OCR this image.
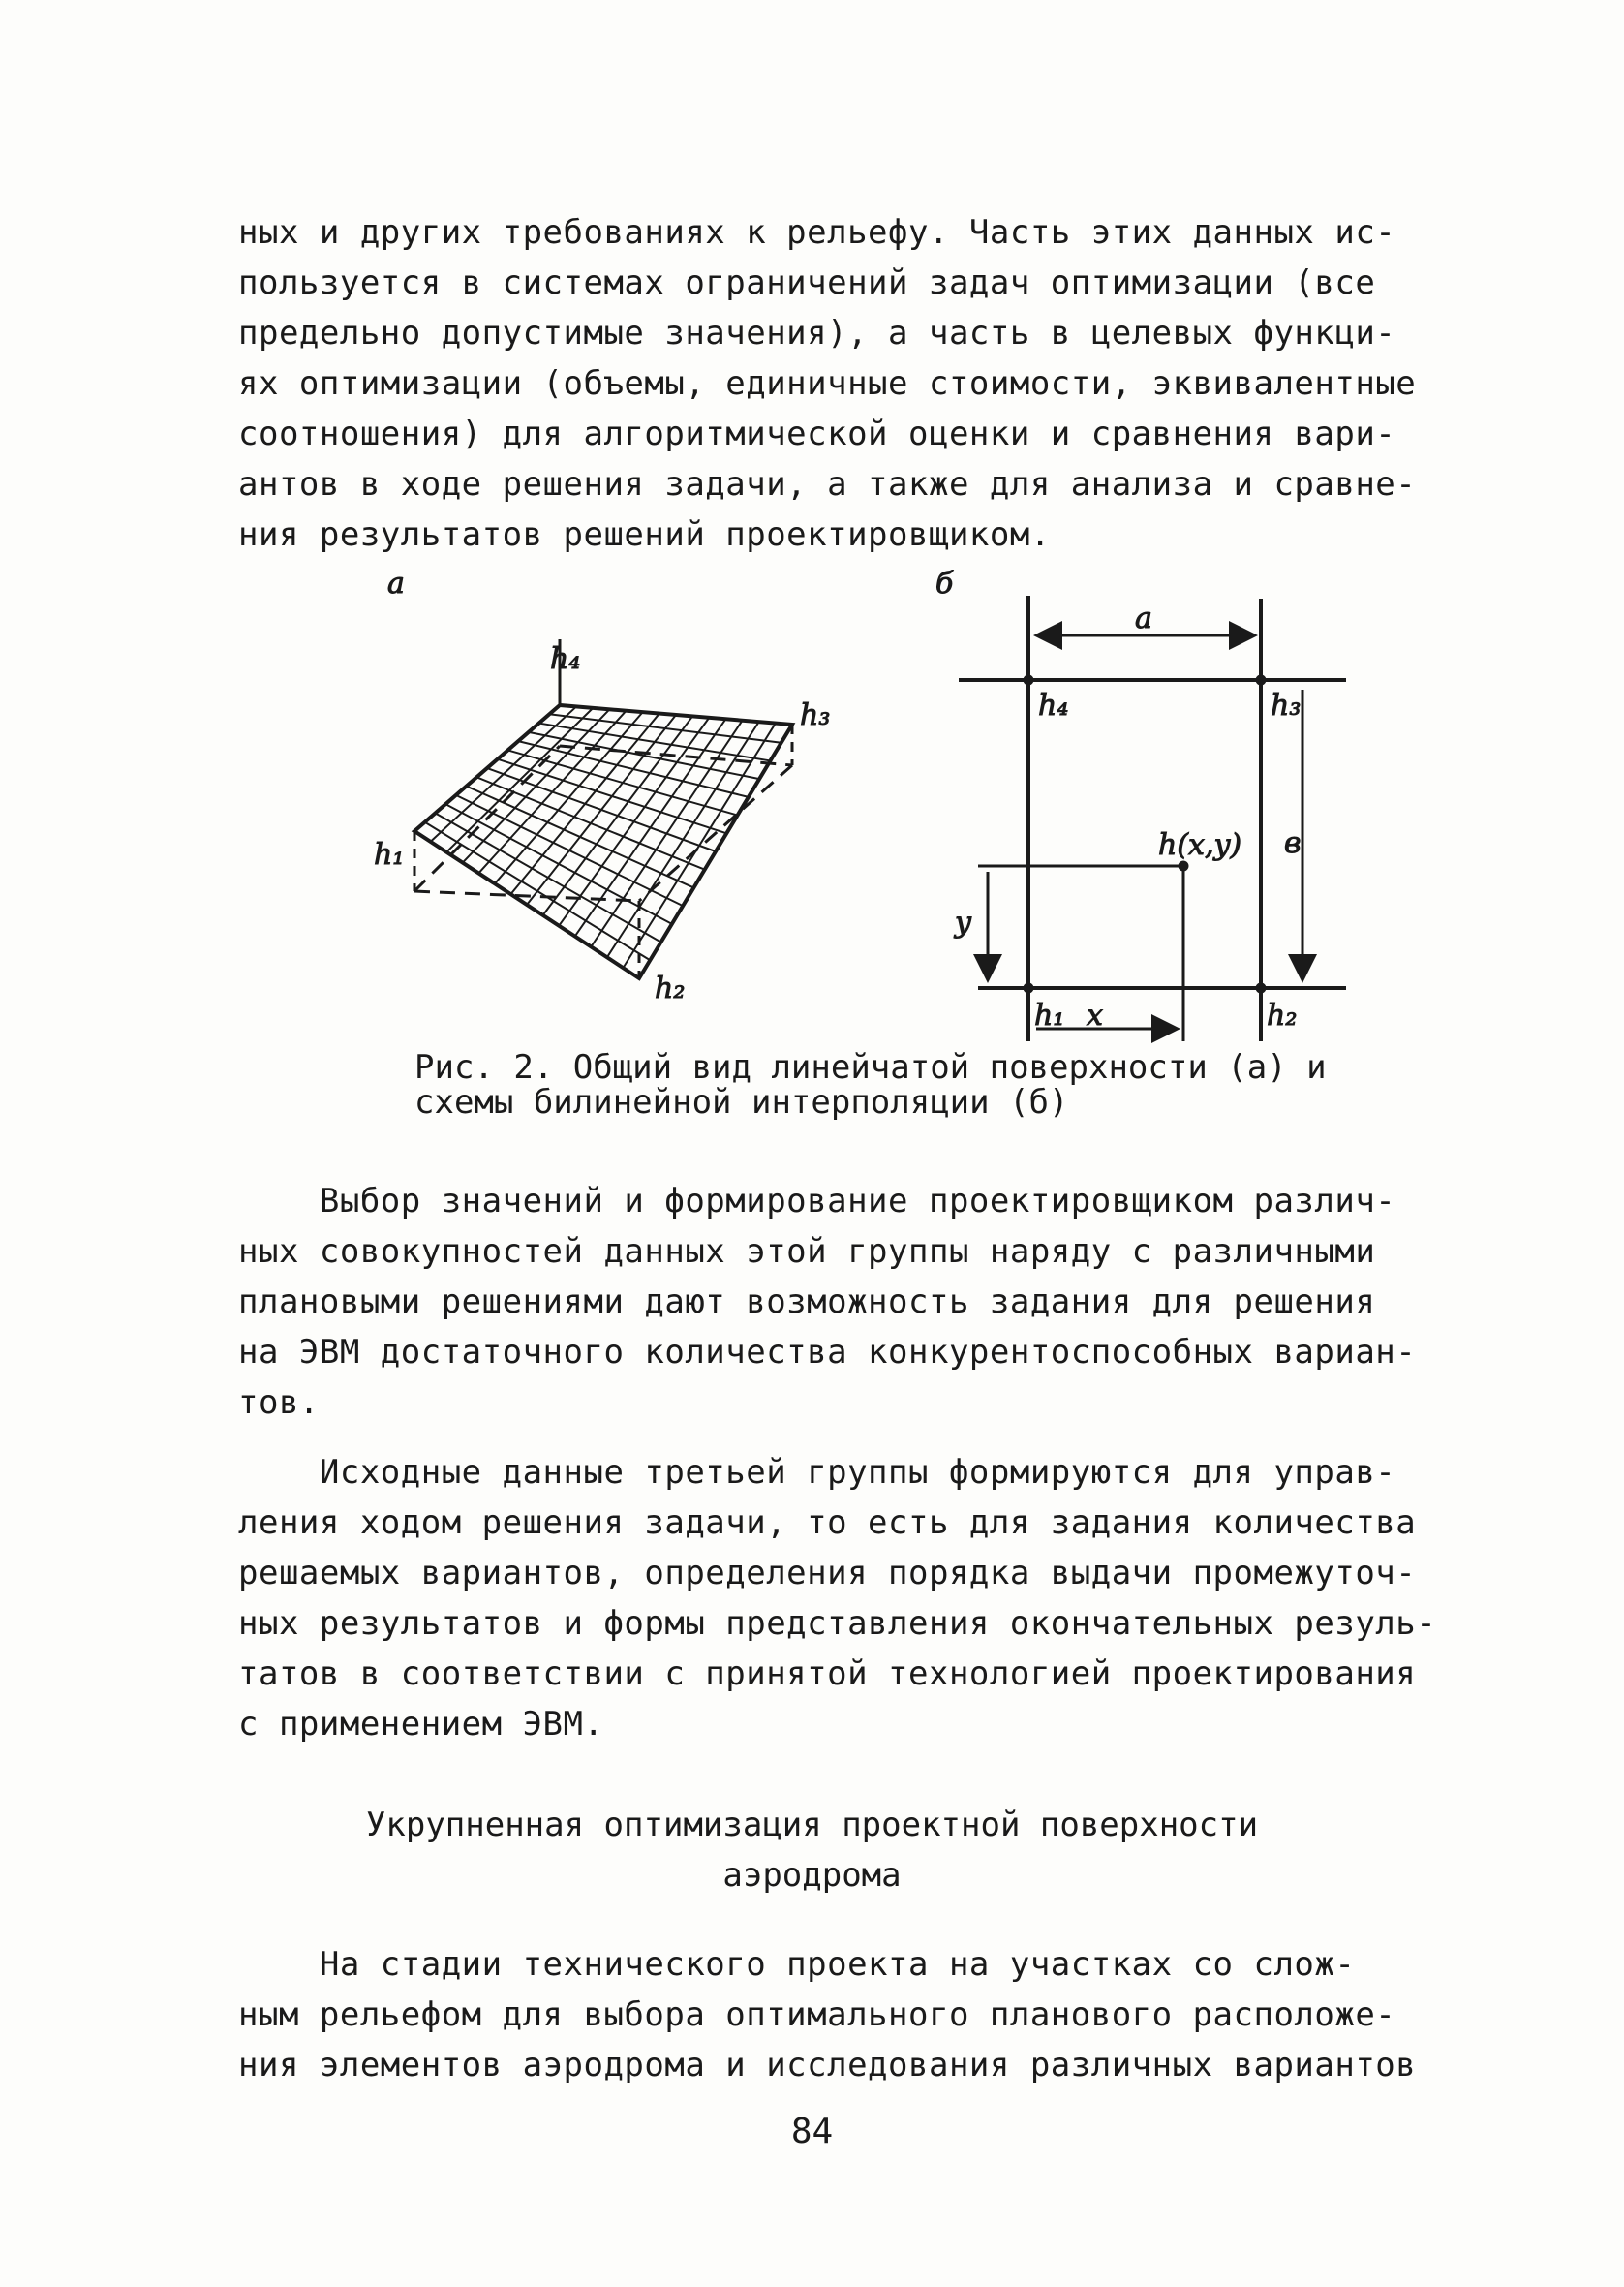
ных и других требованиях к рельефу. Часть этих данных ис-
пользуется в системах ограничений задач оптимизации (все
предельно допустимые значения), а часть в целевых функци-
ях оптимизации (объемы, единичные стоимости, эквивалентные
соотношения) для алгоритмической оценки и сравнения вари-
антов в ходе решения задачи, а также для анализа и сравне-
ния результатов решений проектировщиком.
а
h₄
h₃
h₁
h₂
б
а
в
h(x,y)
у
х
h₄	h₃
h₁	h₂
Рис. 2. Общий вид линейчатой поверхности (а) и
схемы билинейной интерполяции (б)
Выбор значений и формирование проектировщиком различ-
ных совокупностей данных этой группы наряду с различными
плановыми решениями дают возможность задания для решения
на ЭВМ достаточного количества конкурентоспособных вариан-
тов.
Исходные данные третьей группы формируются для управ-
ления ходом решения задачи, то есть для задания количества
решаемых вариантов, определения порядка выдачи промежуточ-
ных результатов и формы представления окончательных резуль-
татов в соответствии с принятой технологией проектирования
с применением ЭВМ.
Укрупненная оптимизация проектной поверхности
аэродрома
На стадии технического проекта на участках со слож-
ным рельефом для выбора оптимального планового расположе-
ния элементов аэродрома и исследования различных вариантов
84
